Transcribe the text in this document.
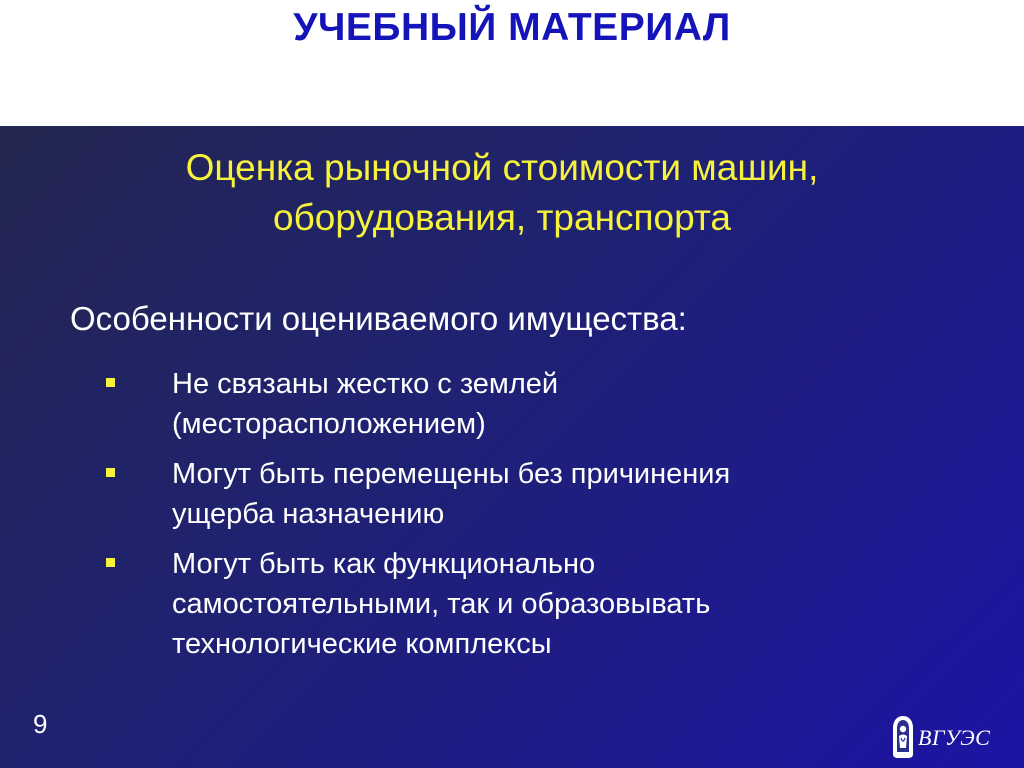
УЧЕБНЫЙ МАТЕРИАЛ
Оценка рыночной стоимости машин,
оборудования, транспорта
Особенности оцениваемого имущества:
Не связаны жестко с землей
(месторасположением)
Могут быть перемещены без причинения
ущерба назначению
Могут быть как функционально
самостоятельными, так и образовывать
технологические комплексы
9	ВГУЭС
